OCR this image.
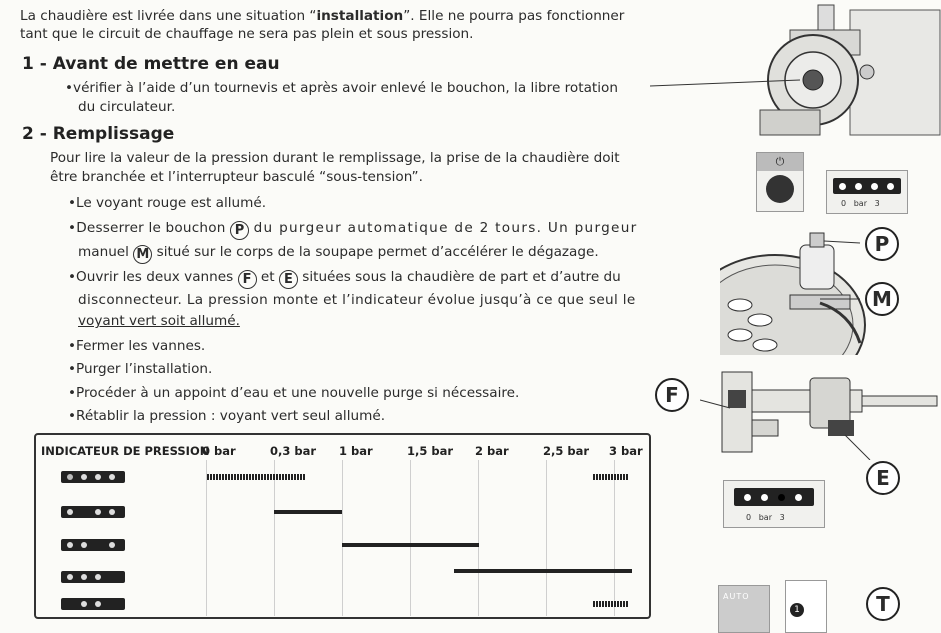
La chaudière est livrée dans une situation “installation”. Elle ne pourra pas fonctionner
tant que le circuit de chauffage ne sera pas plein et sous pression.
1 - Avant de mettre en eau
•vérifier à l’aide d’un tournevis et après avoir enlevé le bouchon, la libre rotation
du circulateur.
2 - Remplissage
Pour lire la valeur de la pression durant le remplissage, la prise de la chaudière doit
être branchée et l’interrupteur basculé “sous-tension”.
•Le voyant rouge est allumé.
•Desserrer le bouchon P du purgeur automatique de 2 tours. Un purgeur
manuel M situé sur le corps de la soupape permet d’accélérer le dégazage.
•Ouvrir les deux vannes F et E situées sous la chaudière de part et d’autre du
disconnecteur. La pression monte et l’indicateur évolue jusqu’à ce que seul le
voyant vert soit allumé.
•Fermer les vannes.
•Purger l’installation.
•Procéder à un appoint d’eau et une nouvelle purge si nécessaire.
•Rétablir la pression : voyant vert seul allumé.
INDICATEUR DE PRESSION
0 bar	0,3 bar 1 bar	1,5 bar 2 bar	2,5 bar 3 bar
⏻
0   bar   3
P
M
F
E
0   bar   3
AUTO
1	T
